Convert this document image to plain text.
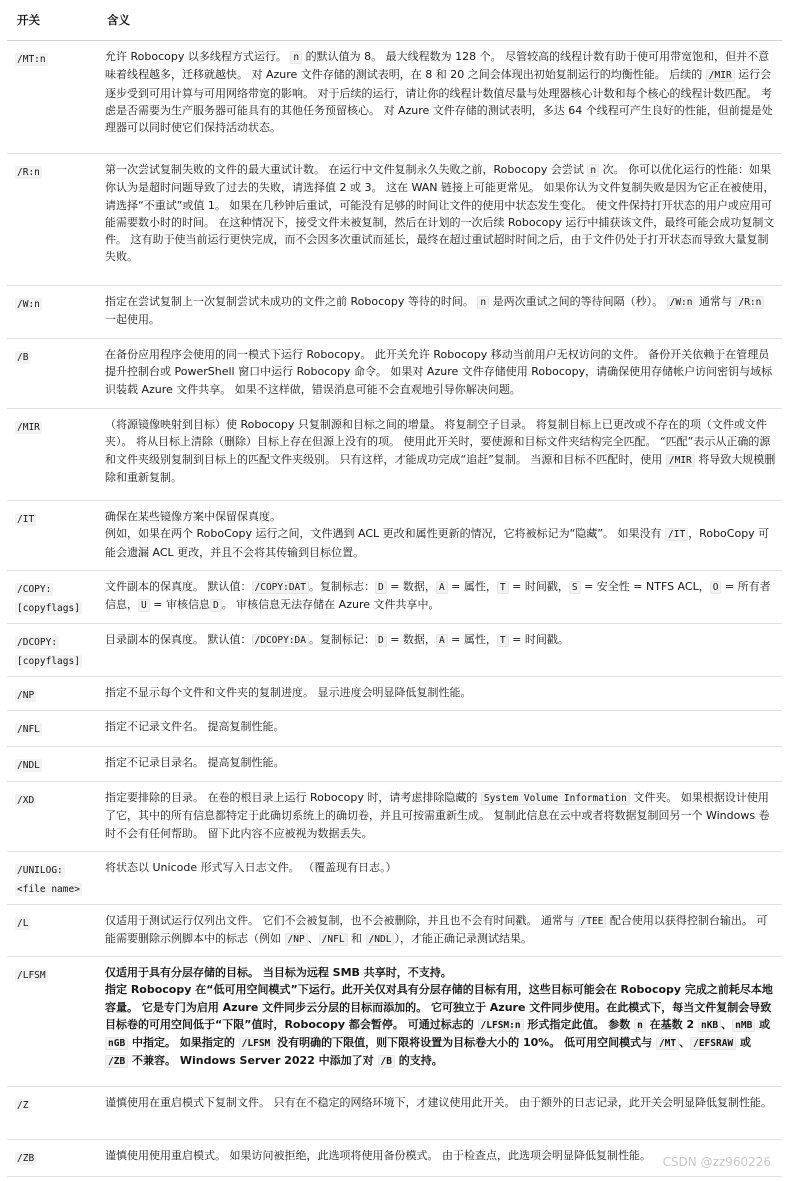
开关	含义

/MT:n	允许 Robocopy 以多线程方式运行。 n 的默认值为 8。 最大线程数为 128 个。 尽管较高的线程计数有助于使可用带宽饱和，但并不意味着线程越多，迁移就越快。 对 Azure 文件存储的测试表明，在 8 和 20 之间会体现出初始复制运行的均衡性能。 后续的 /MIR 运行会逐步受到可用计算与可用网络带宽的影响。 对于后续的运行，请让你的线程计数值尽量与处理器核心计数和每个核心的线程计数匹配。 考虑是否需要为生产服务器可能具有的其他任务预留核心。 对 Azure 文件存储的测试表明，多达 64 个线程可产生良好的性能，但前提是处理器可以同时使它们保持活动状态。

/R:n	第一次尝试复制失败的文件的最大重试计数。 在运行中文件复制永久失败之前，Robocopy 会尝试 n 次。 你可以优化运行的性能：如果你认为是超时问题导致了过去的失败，请选择值 2 或 3。 这在 WAN 链接上可能更常见。 如果你认为文件复制失败是因为它正在被使用，请选择“不重试”或值 1。 如果在几秒钟后重试，可能没有足够的时间让文件的使用中状态发生变化。 使文件保持打开状态的用户或应用可能需要数小时的时间。 在这种情况下，接受文件未被复制，然后在计划的一次后续 Robocopy 运行中捕获该文件，最终可能会成功复制文件。 这有助于使当前运行更快完成，而不会因多次重试而延长，最终在超过重试超时时间之后，由于文件仍处于打开状态而导致大量复制失败。

/W:n	指定在尝试复制上一次复制尝试未成功的文件之前 Robocopy 等待的时间。 n 是两次重试之间的等待间隔（秒）。 /W:n 通常与 /R:n 一起使用。

/B	在备份应用程序会使用的同一模式下运行 Robocopy。 此开关允许 Robocopy 移动当前用户无权访问的文件。 备份开关依赖于在管理员提升控制台或 PowerShell 窗口中运行 Robocopy 命令。 如果对 Azure 文件存储使用 Robocopy，请确保使用存储帐户访问密钥与域标识装载 Azure 文件共享。 如果不这样做，错误消息可能不会直观地引导你解决问题。

/MIR	（将源镜像映射到目标）使 Robocopy 只复制源和目标之间的增量。 将复制空子目录。 将复制目标上已更改或不存在的项（文件或文件夹）。 将从目标上清除（删除）目标上存在但源上没有的项。 使用此开关时，要使源和目标文件夹结构完全匹配。 “匹配”表示从正确的源和文件夹级别复制到目标上的匹配文件夹级别。 只有这样，才能成功完成“追赶”复制。 当源和目标不匹配时，使用 /MIR 将导致大规模删除和重新复制。

/IT	确保在某些镜像方案中保留保真度。
例如，如果在两个 RoboCopy 运行之间，文件遇到 ACL 更改和属性更新的情况，它将被标记为“隐藏”。 如果没有 /IT ，RoboCopy 可能会遗漏 ACL 更改，并且不会将其传输到目标位置。

/COPY:
[copyflags]	文件副本的保真度。 默认值： /COPY:DAT 。复制标志： D = 数据， A = 属性， T = 时间戳， S = 安全性 = NTFS ACL， O = 所有者信息， U = 审核信息 D 。 审核信息无法存储在 Azure 文件共享中。

/DCOPY:
[copyflags]	目录副本的保真度。 默认值： /DCOPY:DA 。复制标记： D = 数据， A = 属性， T = 时间戳。

/NP	指定不显示每个文件和文件夹的复制进度。 显示进度会明显降低复制性能。

/NFL	指定不记录文件名。 提高复制性能。

/NDL	指定不记录目录名。 提高复制性能。

/XD	指定要排除的目录。 在卷的根目录上运行 Robocopy 时，请考虑排除隐藏的 System Volume Information 文件夹。 如果根据设计使用了它，其中的所有信息都特定于此确切系统上的确切卷，并且可按需重新生成。 复制此信息在云中或者将数据复制回另一个 Windows 卷时不会有任何帮助。 留下此内容不应被视为数据丢失。

/UNILOG:
<file name>	将状态以 Unicode 形式写入日志文件。 （覆盖现有日志。）

/L	仅适用于测试运行仅列出文件。 它们不会被复制，也不会被删除，并且也不会有时间戳。 通常与 /TEE 配合使用以获得控制台输出。 可能需要删除示例脚本中的标志（例如 /NP 、 /NFL 和 /NDL ），才能正确记录测试结果。

/LFSM	仅适用于具有分层存储的目标。 当目标为远程 SMB 共享时，不支持。
指定 Robocopy 在“低可用空间模式”下运行。此开关仅对具有分层存储的目标有用，这些目标可能会在 Robocopy 完成之前耗尽本地容量。 它是专门为启用 Azure 文件同步云分层的目标而添加的。 它可独立于 Azure 文件同步使用。在此模式下，每当文件复制会导致目标卷的可用空间低于“下限”值时，Robocopy 都会暂停。 可通过标志的 /LFSM:n 形式指定此值。 参数 n 在基数 2 nKB 、 nMB 或 nGB 中指定。 如果指定的 /LFSM 没有明确的下限值，则下限将设置为目标卷大小的 10%。 低可用空间模式与 /MT 、 /EFSRAW 或 /ZB 不兼容。 Windows Server 2022 中添加了对 /B 的支持。

/Z	谨慎使用在重启模式下复制文件。 只有在不稳定的网络环境下，才建议使用此开关。 由于额外的日志记录，此开关会明显降低复制性能。

/ZB	谨慎使用使用重启模式。 如果访问被拒绝，此选项将使用备份模式。 由于检查点，此选项会明显降低复制性能。 CSDN @zz960226
